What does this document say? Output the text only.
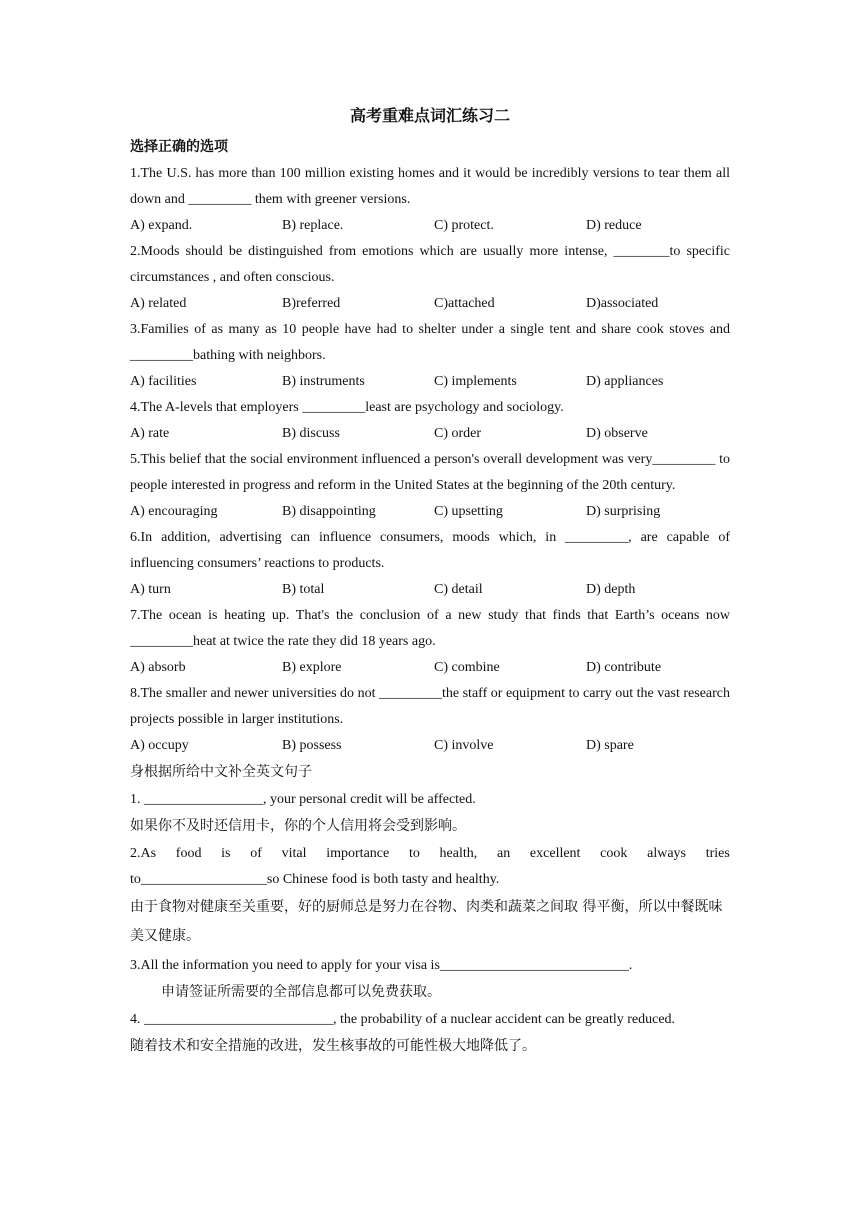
高考重难点词汇练习二
选择正确的选项
1.The U.S. has more than 100 million existing homes and it would be incredibly versions to tear them all down and _________ them with greener versions.
A) expand.	B) replace.	C) protect.	D) reduce
2.Moods should be distinguished from emotions which are usually more intense, ________to specific circumstances , and often conscious.
A) related	B)referred	C)attached	D)associated
3.Families of as many as 10 people have had to shelter under a single tent and share cook stoves and _________bathing with neighbors.
A) facilities	B) instruments	C) implements	D) appliances
4.The A-levels that employers _________least are psychology and sociology.
A) rate	B) discuss	C) order	D) observe
5.This belief that the social environment influenced a person's overall development was very_________ to people interested in progress and reform in the United States at the beginning of the 20th century.
A) encouraging	B) disappointing	C) upsetting	D) surprising
6.In addition, advertising can influence consumers, moods which, in _________, are capable of influencing consumers’ reactions to products.
A) turn	B) total	C) detail	D) depth
7.The ocean is heating up. That's the conclusion of a new study that finds that Earth’s oceans now _________heat at twice the rate they did 18 years ago.
A) absorb	B) explore	C) combine	D) contribute
8.The smaller and newer universities do not _________the staff or equipment to carry out the vast research projects possible in larger institutions.
A) occupy	B) possess	C) involve	D) spare
身根据所给中文补全英文句子
1. _________________, your personal credit will be affected.
如果你不及时还信用卡，你的个人信用将会受到影响。
2.As food is of vital importance to health, an excellent cook always tries
to__________________so Chinese food is both tasty and healthy.
由于食物对健康至关重要，好的厨师总是努力在谷物、肉类和蔬菜之间取 得平衡，所以中餐既味美又健康。
3.All the information you need to apply for your visa is___________________________.
申请签证所需要的全部信息都可以免费获取。
4. ___________________________, the probability of a nuclear accident can be greatly reduced.
随着技术和安全措施的改进，发生核事故的可能性极大地降低了。
